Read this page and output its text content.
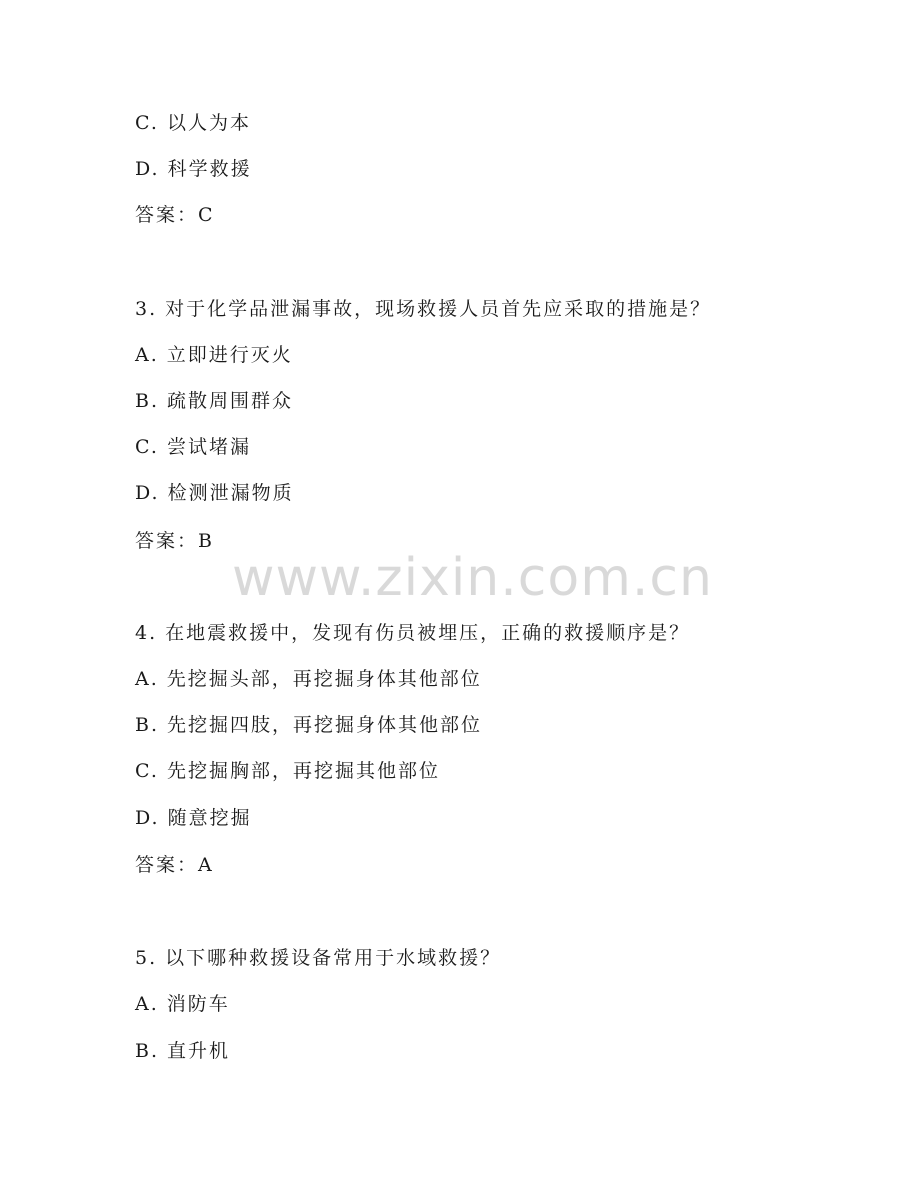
www.zixin.com.cn
C. 以人为本
D. 科学救援
答案：C
3. 对于化学品泄漏事故，现场救援人员首先应采取的措施是？
A. 立即进行灭火
B. 疏散周围群众
C. 尝试堵漏
D. 检测泄漏物质
答案：B
4. 在地震救援中，发现有伤员被埋压，正确的救援顺序是？
A. 先挖掘头部，再挖掘身体其他部位
B. 先挖掘四肢，再挖掘身体其他部位
C. 先挖掘胸部，再挖掘其他部位
D. 随意挖掘
答案：A
5. 以下哪种救援设备常用于水域救援？
A. 消防车
B. 直升机
